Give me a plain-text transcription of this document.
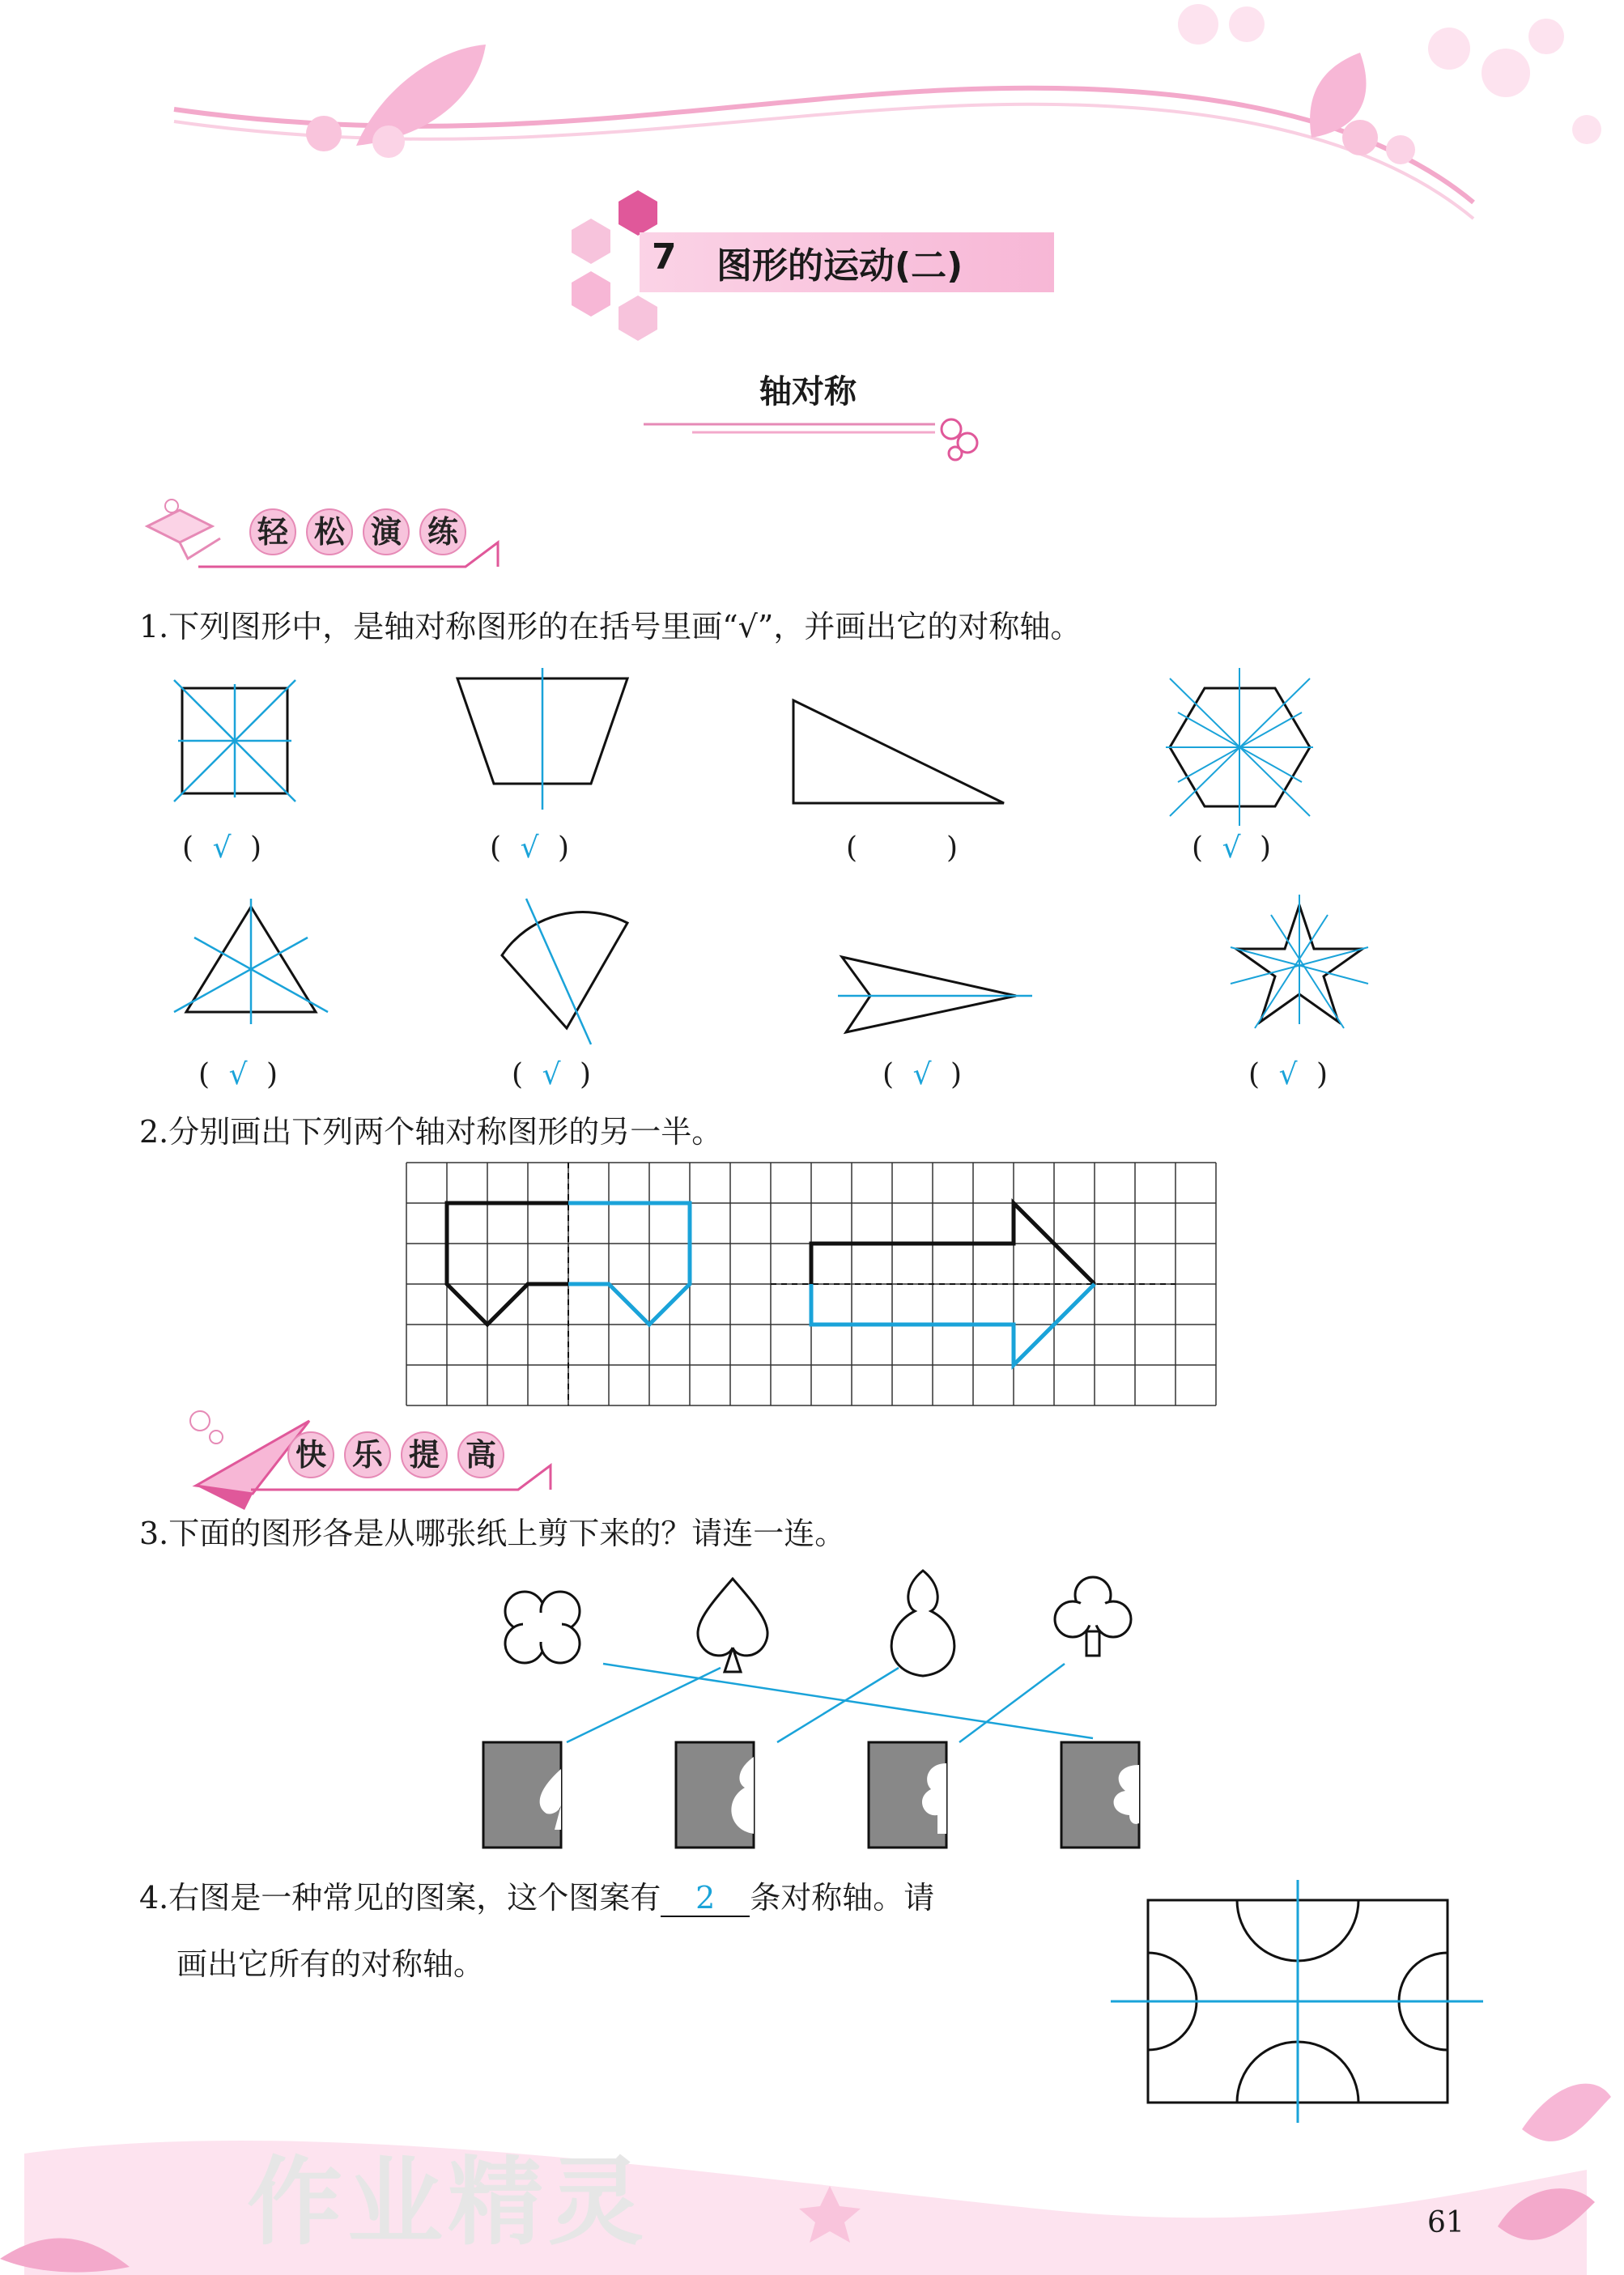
7 图形的运动(二)
轴对称
轻 松 演 练
1.下列图形中，是轴对称图形的在括号里画“√”，并画出它的对称轴。
( √ )	( √ )	(	)	( √ )
( √ )	( √ )	( √ )	( √ )
2.分别画出下列两个轴对称图形的另一半。
快 乐 提 高
3.下面的图形各是从哪张纸上剪下来的？请连一连。
4.右图是一种常见的图案，这个图案有 2 条对称轴。请
画出它所有的对称轴。
作业精灵	61
